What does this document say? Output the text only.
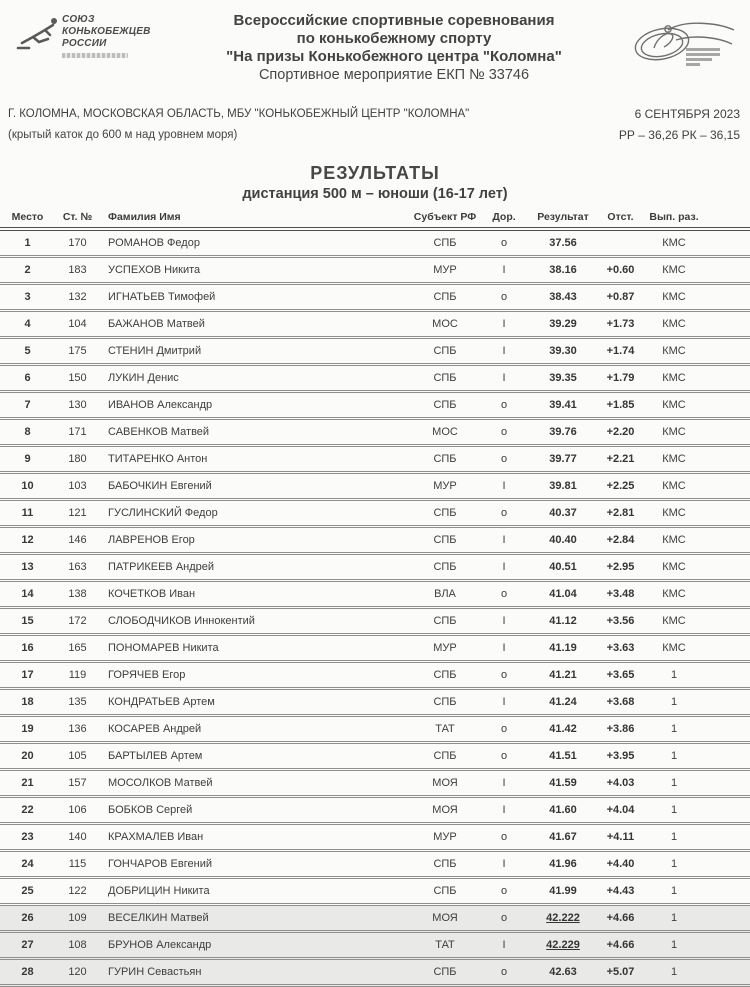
СОЮЗ
КОНЬКОБЕЖЦЕВ
РОССИИ
Всероссийские спортивные соревнования
по конькобежному спорту
"На призы Конькобежного центра "Коломна"
Спортивное мероприятие ЕКП № 33746
Г. КОЛОМНА, МОСКОВСКАЯ ОБЛАСТЬ, МБУ "КОНЬКОБЕЖНЫЙ ЦЕНТР "КОЛОМНА"
(крытый каток до 600 м над уровнем моря)
6 СЕНТЯБРЯ 2023
РР – 36,26 РК – 36,15
РЕЗУЛЬТАТЫ
дистанция 500 м – юноши (16-17 лет)
Место	Ст. №	Фамилия Имя	Субъект РФ	Дор.	Результат	Отст.	Вып. раз.	
1	170	РОМАНОВ Федор	СПБ	о	37.56		КМС	
2	183	УСПЕХОВ Никита	МУР	I	38.16	+0.60	КМС	
3	132	ИГНАТЬЕВ Тимофей	СПБ	о	38.43	+0.87	КМС	
4	104	БАЖАНОВ Матвей	МОС	I	39.29	+1.73	КМС	
5	175	СТЕНИН Дмитрий	СПБ	I	39.30	+1.74	КМС	
6	150	ЛУКИН Денис	СПБ	I	39.35	+1.79	КМС	
7	130	ИВАНОВ Александр	СПБ	о	39.41	+1.85	КМС	
8	171	САВЕНКОВ Матвей	МОС	о	39.76	+2.20	КМС	
9	180	ТИТАРЕНКО Антон	СПБ	о	39.77	+2.21	КМС	
10	103	БАБОЧКИН Евгений	МУР	I	39.81	+2.25	КМС	
11	121	ГУСЛИНСКИЙ Федор	СПБ	о	40.37	+2.81	КМС	
12	146	ЛАВРЕНОВ Егор	СПБ	I	40.40	+2.84	КМС	
13	163	ПАТРИКЕЕВ Андрей	СПБ	I	40.51	+2.95	КМС	
14	138	КОЧЕТКОВ Иван	ВЛА	о	41.04	+3.48	КМС	
15	172	СЛОБОДЧИКОВ Иннокентий	СПБ	I	41.12	+3.56	КМС	
16	165	ПОНОМАРЕВ Никита	МУР	I	41.19	+3.63	КМС	
17	119	ГОРЯЧЕВ Егор	СПБ	о	41.21	+3.65	1	
18	135	КОНДРАТЬЕВ Артем	СПБ	I	41.24	+3.68	1	
19	136	КОСАРЕВ Андрей	ТАТ	о	41.42	+3.86	1	
20	105	БАРТЫЛЕВ Артем	СПБ	о	41.51	+3.95	1	
21	157	МОСОЛКОВ Матвей	МОЯ	I	41.59	+4.03	1	
22	106	БОБКОВ Сергей	МОЯ	I	41.60	+4.04	1	
23	140	КРАХМАЛЕВ Иван	МУР	о	41.67	+4.11	1	
24	115	ГОНЧАРОВ Евгений	СПБ	I	41.96	+4.40	1	
25	122	ДОБРИЦИН Никита	СПБ	о	41.99	+4.43	1	
26	109	ВЕСЕЛКИН Матвей	МОЯ	о	42.222	+4.66	1	
27	108	БРУНОВ Александр	ТАТ	I	42.229	+4.66	1	
28	120	ГУРИН Севастьян	СПБ	о	42.63	+5.07	1	
